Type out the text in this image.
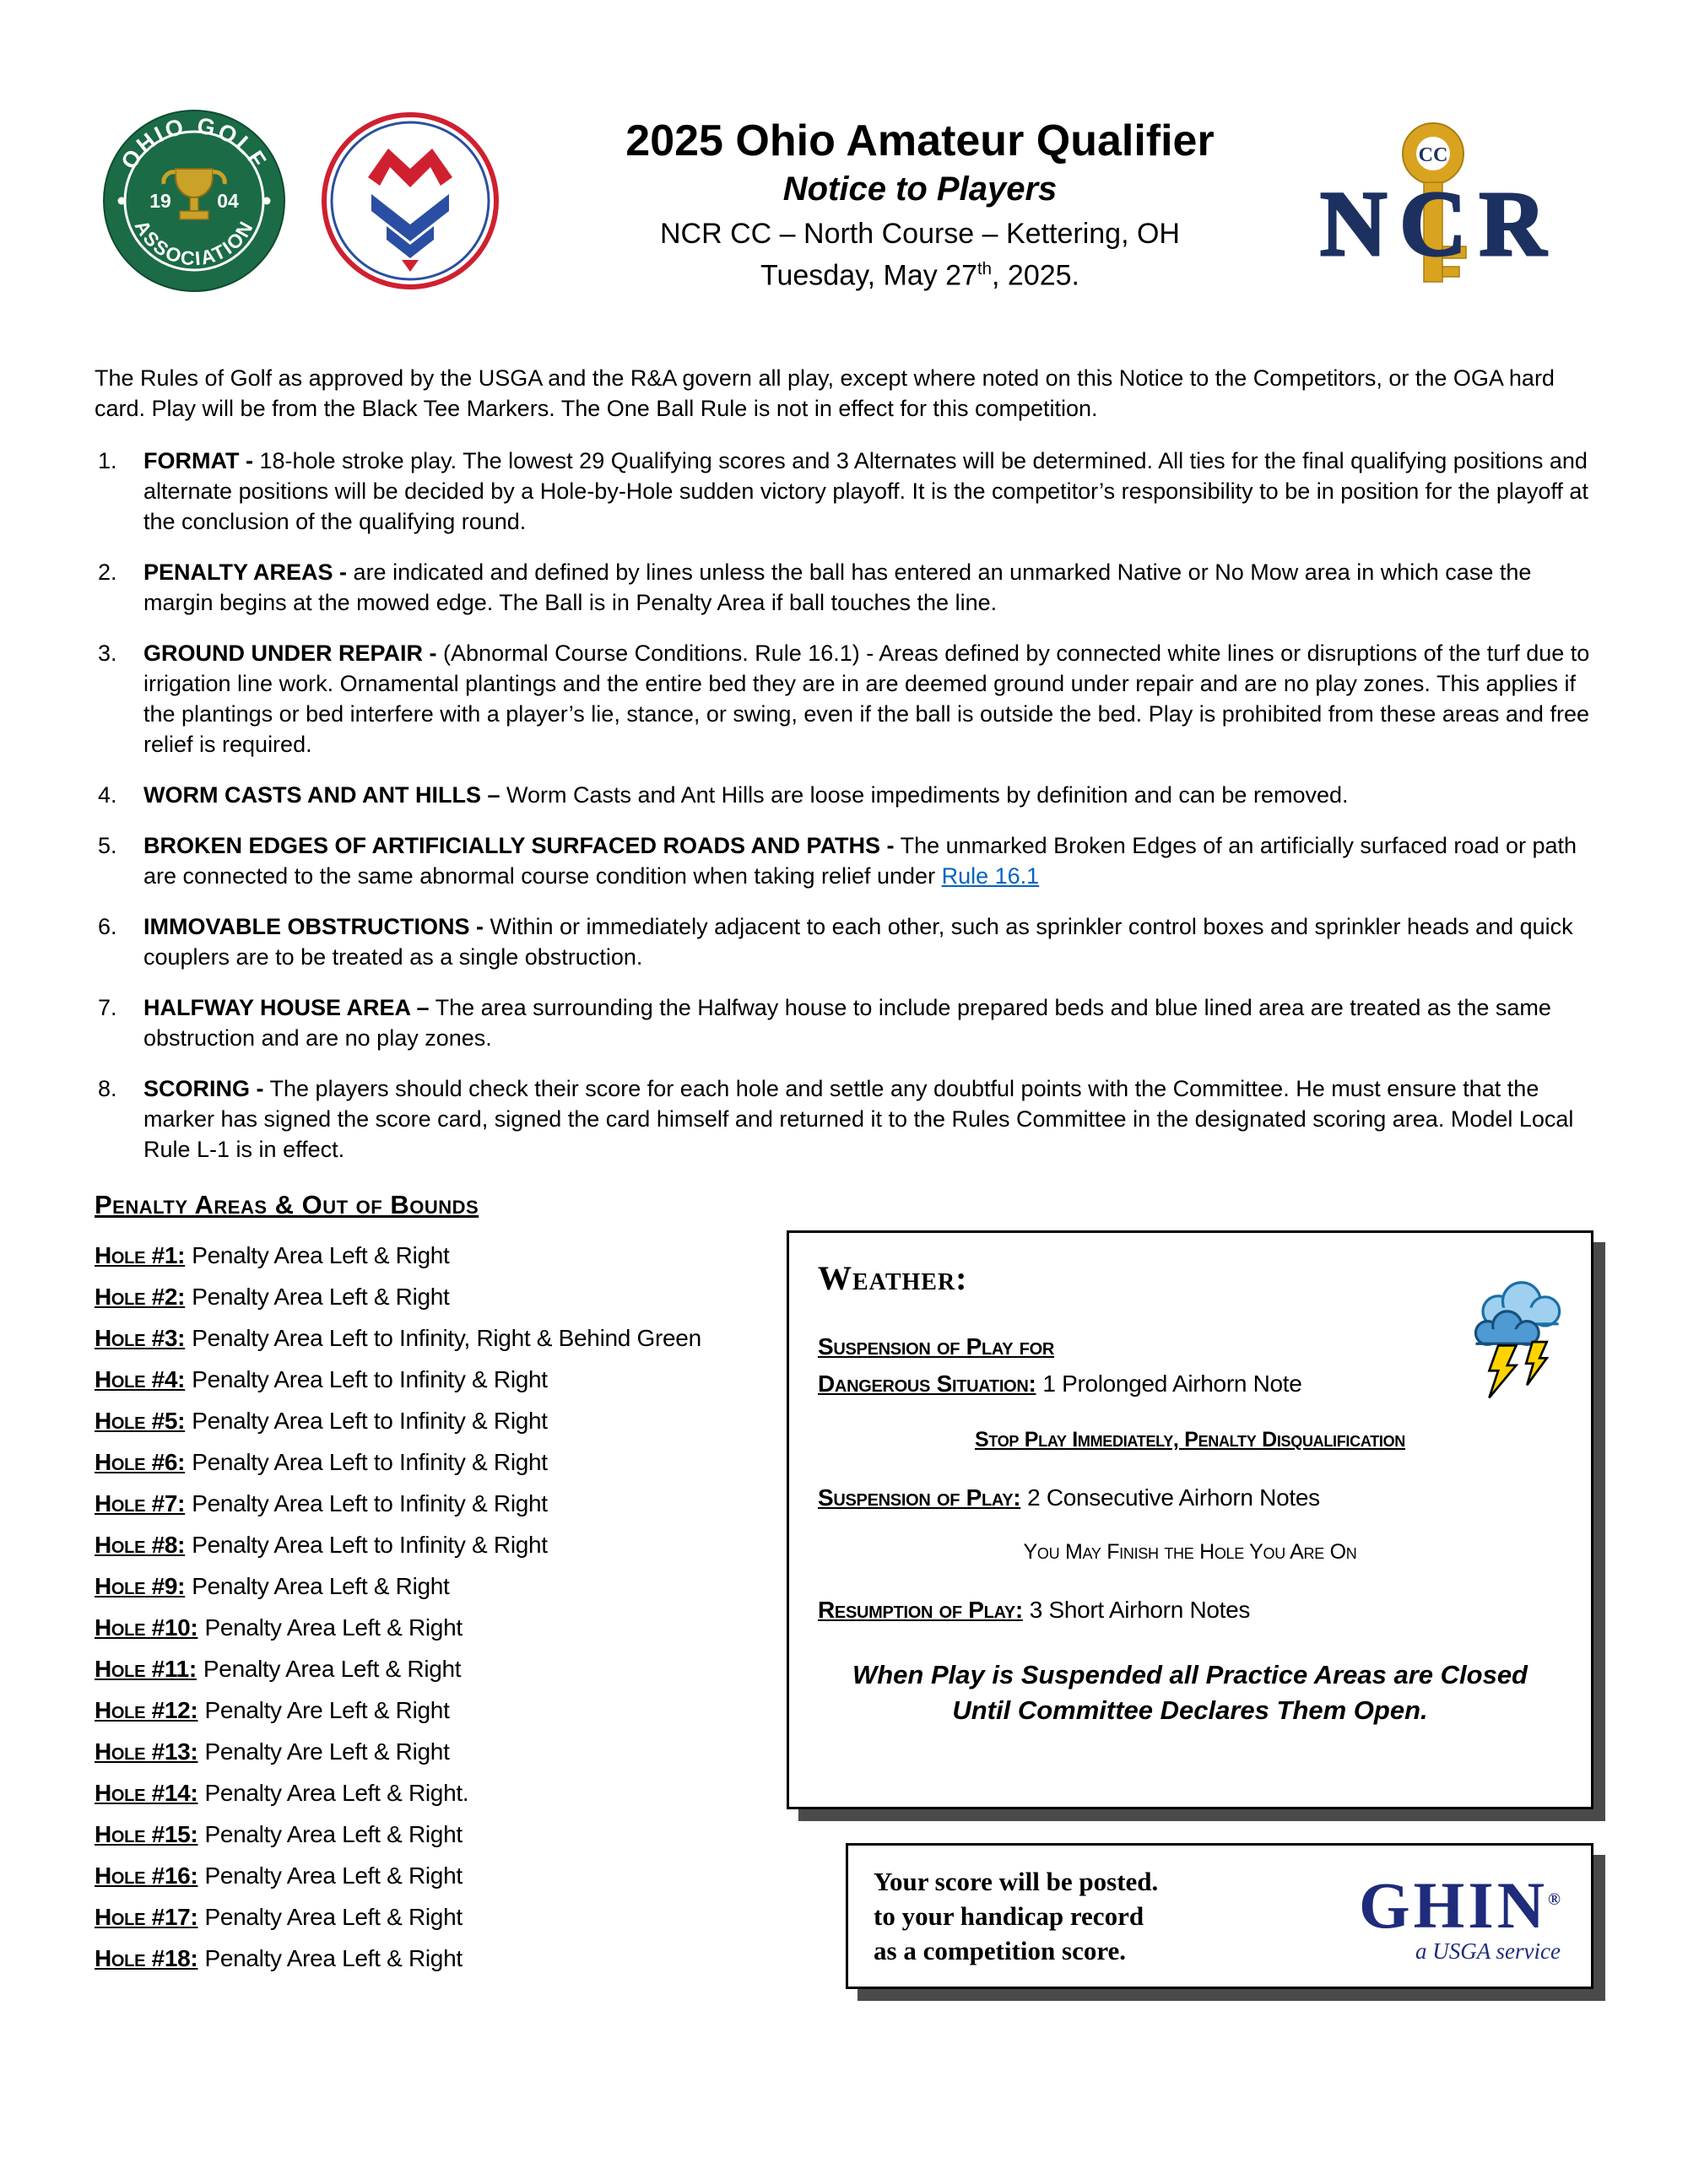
OHIO GOLF
ASSOCIATION
19 04
2025 Ohio Amateur Qualifier
Notice to Players
NCR CC – North Course – Kettering, OH
Tuesday, May 27th, 2025.
CC
NCR
The Rules of Golf as approved by the USGA and the R&A govern all play, except where noted on this Notice to the Competitors, or the OGA hard card. Play will be from the Black Tee Markers. The One Ball Rule is not in effect for this competition.
1.	FORMAT - 18-hole stroke play. The lowest 29 Qualifying scores and 3 Alternates will be determined. All ties for the final qualifying positions and alternate positions will be decided by a Hole-by-Hole sudden victory playoff. It is the competitor’s responsibility to be in position for the playoff at the conclusion of the qualifying round.
2.	PENALTY AREAS - are indicated and defined by lines unless the ball has entered an unmarked Native or No Mow area in which case the margin begins at the mowed edge. The Ball is in Penalty Area if ball touches the line.
3.	GROUND UNDER REPAIR - (Abnormal Course Conditions. Rule 16.1) - Areas defined by connected white lines or disruptions of the turf due to irrigation line work. Ornamental plantings and the entire bed they are in are deemed ground under repair and are no play zones. This applies if the plantings or bed interfere with a player’s lie, stance, or swing, even if the ball is outside the bed. Play is prohibited from these areas and free relief is required.
4.	WORM CASTS AND ANT HILLS – Worm Casts and Ant Hills are loose impediments by definition and can be removed.
5.	BROKEN EDGES OF ARTIFICIALLY SURFACED ROADS AND PATHS - The unmarked Broken Edges of an artificially surfaced road or path are connected to the same abnormal course condition when taking relief under Rule 16.1
6.	IMMOVABLE OBSTRUCTIONS - Within or immediately adjacent to each other, such as sprinkler control boxes and sprinkler heads and quick couplers are to be treated as a single obstruction.
7.	HALFWAY HOUSE AREA – The area surrounding the Halfway house to include prepared beds and blue lined area are treated as the same obstruction and are no play zones.
8.	SCORING - The players should check their score for each hole and settle any doubtful points with the Committee. He must ensure that the marker has signed the score card, signed the card himself and returned it to the Rules Committee in the designated scoring area. Model Local Rule L-1 is in effect.
Penalty Areas & Out of Bounds
Hole #1: Penalty Area Left & Right
Hole #2: Penalty Area Left & Right
Hole #3: Penalty Area Left to Infinity, Right & Behind Green
Hole #4: Penalty Area Left to Infinity & Right
Hole #5: Penalty Area Left to Infinity & Right
Hole #6: Penalty Area Left to Infinity & Right
Hole #7: Penalty Area Left to Infinity & Right
Hole #8: Penalty Area Left to Infinity & Right
Hole #9: Penalty Area Left & Right
Hole #10: Penalty Area Left & Right
Hole #11: Penalty Area Left & Right
Hole #12: Penalty Are Left & Right
Hole #13: Penalty Are Left & Right
Hole #14: Penalty Area Left & Right.
Hole #15: Penalty Area Left & Right
Hole #16: Penalty Area Left & Right
Hole #17: Penalty Area Left & Right
Hole #18: Penalty Area Left & Right
Weather:
Suspension of Play for
Dangerous Situation: 1 Prolonged Airhorn Note
Stop Play Immediately, Penalty Disqualification
Suspension of Play: 2 Consecutive Airhorn Notes
You May Finish the Hole You Are On
Resumption of Play: 3 Short Airhorn Notes
When Play is Suspended all Practice Areas are Closed
Until Committee Declares Them Open.
Your score will be posted.
to your handicap record
as a competition score.
GHIN®
a USGA service
